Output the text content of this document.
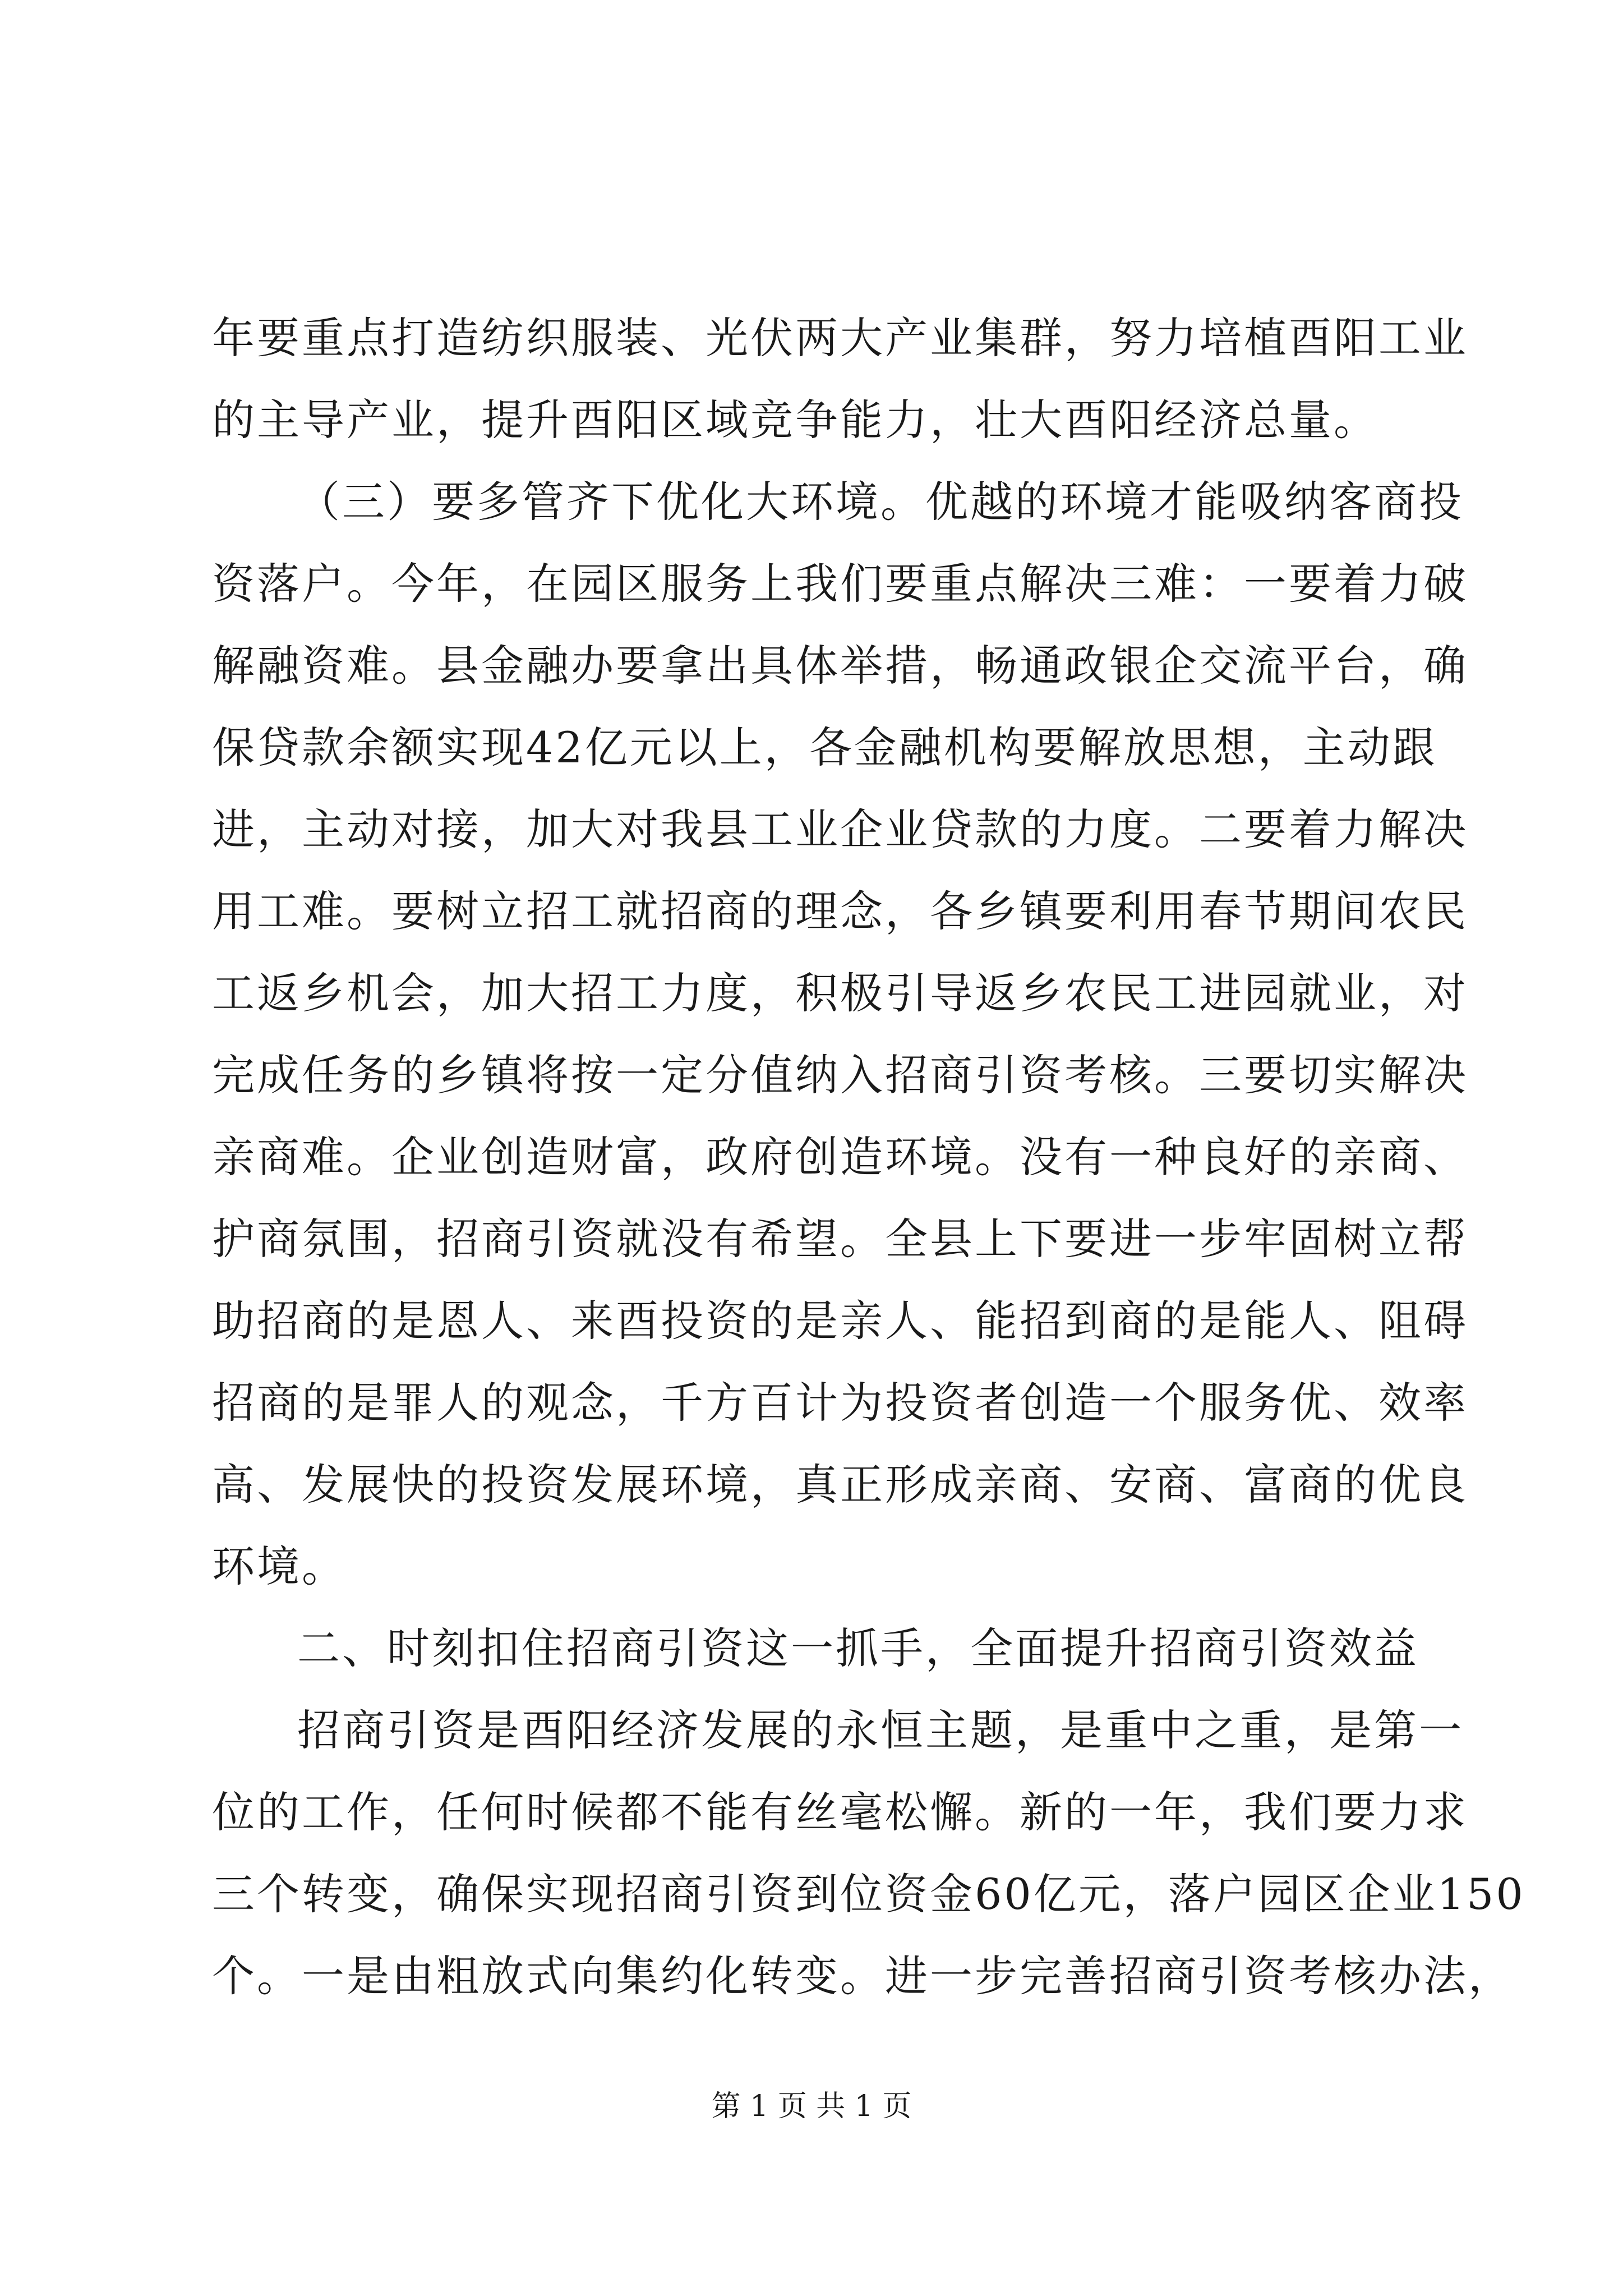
年要重点打造纺织服装、光伏两大产业集群，努力培植酉阳工业
的主导产业，提升酉阳区域竞争能力，壮大酉阳经济总量。
（三）要多管齐下优化大环境。优越的环境才能吸纳客商投
资落户。今年，在园区服务上我们要重点解决三难：一要着力破
解融资难。县金融办要拿出具体举措，畅通政银企交流平台，确
保贷款余额实现42亿元以上，各金融机构要解放思想，主动跟
进，主动对接，加大对我县工业企业贷款的力度。二要着力解决
用工难。要树立招工就招商的理念，各乡镇要利用春节期间农民
工返乡机会，加大招工力度，积极引导返乡农民工进园就业，对
完成任务的乡镇将按一定分值纳入招商引资考核。三要切实解决
亲商难。企业创造财富，政府创造环境。没有一种良好的亲商、
护商氛围，招商引资就没有希望。全县上下要进一步牢固树立帮
助招商的是恩人、来酉投资的是亲人、能招到商的是能人、阻碍
招商的是罪人的观念，千方百计为投资者创造一个服务优、效率
高、发展快的投资发展环境，真正形成亲商、安商、富商的优良
环境。
二、时刻扣住招商引资这一抓手，全面提升招商引资效益
招商引资是酉阳经济发展的永恒主题，是重中之重，是第一
位的工作，任何时候都不能有丝毫松懈。新的一年，我们要力求
三个转变，确保实现招商引资到位资金60亿元，落户园区企业150
个。一是由粗放式向集约化转变。进一步完善招商引资考核办法，
第 1 页 共 1 页
